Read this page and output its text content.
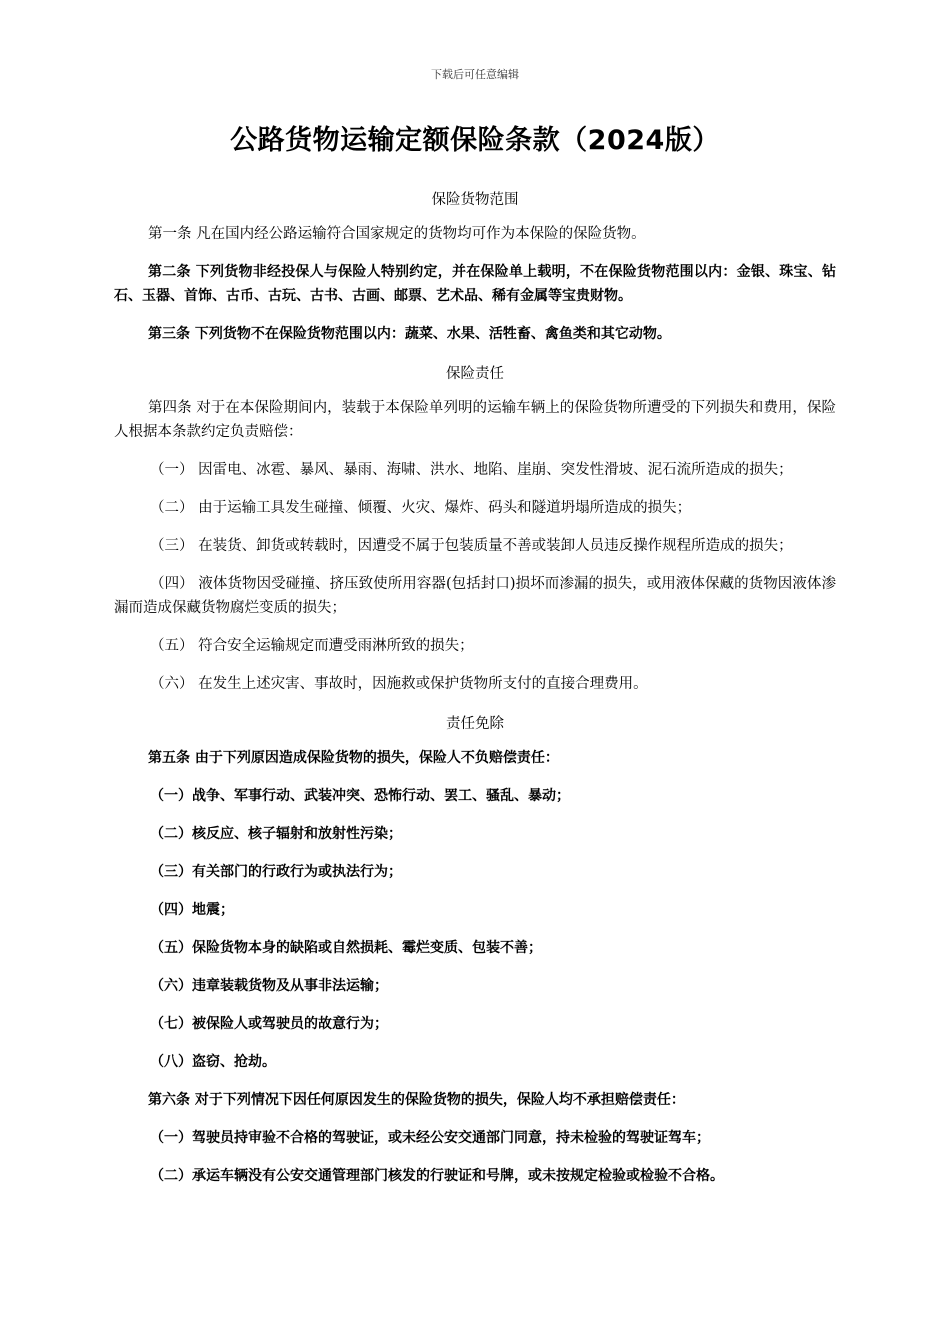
下载后可任意编辑
公路货物运输定额保险条款（2024版）
保险货物范围

第一条 凡在国内经公路运输符合国家规定的货物均可作为本保险的保险货物。

第二条 下列货物非经投保人与保险人特别约定，并在保险单上载明，不在保险货物范围以内：金银、珠宝、钻石、玉器、首饰、古币、古玩、古书、古画、邮票、艺术品、稀有金属等宝贵财物。

第三条 下列货物不在保险货物范围以内：蔬菜、水果、活牲畜、禽鱼类和其它动物。

保险责任

第四条 对于在本保险期间内，装载于本保险单列明的运输车辆上的保险货物所遭受的下列损失和费用，保险人根据本条款约定负责赔偿：

（一） 因雷电、冰雹、暴风、暴雨、海啸、洪水、地陷、崖崩、突发性滑坡、泥石流所造成的损失；

（二） 由于运输工具发生碰撞、倾覆、火灾、爆炸、码头和隧道坍塌所造成的损失；

（三） 在装货、卸货或转载时，因遭受不属于包装质量不善或装卸人员违反操作规程所造成的损失；

（四） 液体货物因受碰撞、挤压致使所用容器(包括封口)损坏而渗漏的损失，或用液体保藏的货物因液体渗漏而造成保藏货物腐烂变质的损失；

（五） 符合安全运输规定而遭受雨淋所致的损失；

（六） 在发生上述灾害、事故时，因施救或保护货物所支付的直接合理费用。

责任免除

第五条 由于下列原因造成保险货物的损失，保险人不负赔偿责任：

（一）战争、军事行动、武装冲突、恐怖行动、罢工、骚乱、暴动；

（二）核反应、核子辐射和放射性污染；

（三）有关部门的行政行为或执法行为；

（四）地震；

（五）保险货物本身的缺陷或自然损耗、霉烂变质、包装不善；

（六）违章装载货物及从事非法运输；

（七）被保险人或驾驶员的故意行为；

（八）盗窃、抢劫。

第六条 对于下列情况下因任何原因发生的保险货物的损失，保险人均不承担赔偿责任：

（一）驾驶员持审验不合格的驾驶证，或未经公安交通部门同意，持未检验的驾驶证驾车；

（二）承运车辆没有公安交通管理部门核发的行驶证和号牌，或未按规定检验或检验不合格。
